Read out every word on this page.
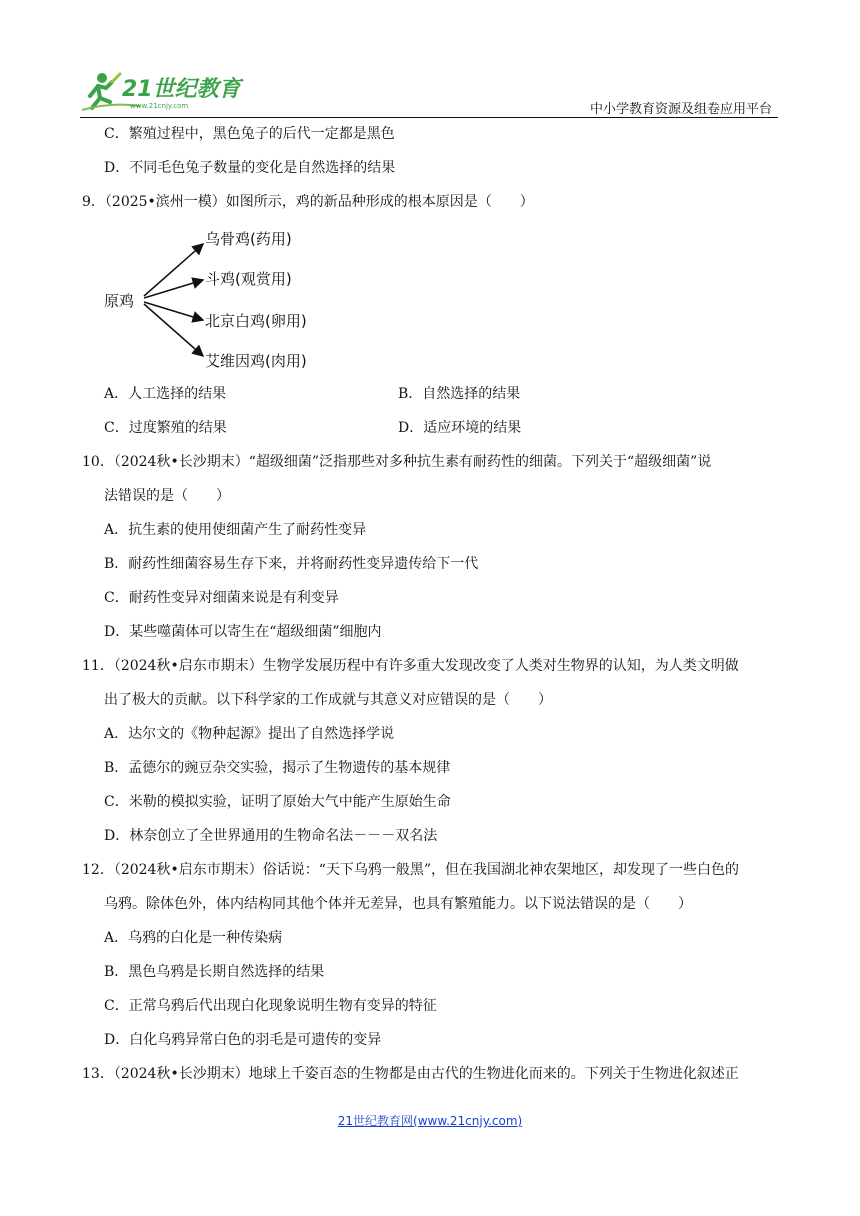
21世纪教育
www.21cnjy.com	中小学教育资源及组卷应用平台
C．繁殖过程中，黑色兔子的后代一定都是黑色
D．不同毛色兔子数量的变化是自然选择的结果
9．（2025•滨州一模）如图所示，鸡的新品种形成的根本原因是（　　）
A．人工选择的结果	B．自然选择的结果
C．过度繁殖的结果	D．适应环境的结果
10．（2024秋•长沙期末）“超级细菌”泛指那些对多种抗生素有耐药性的细菌。下列关于“超级细菌”说
法错误的是（　　）
A．抗生素的使用使细菌产生了耐药性变异
B．耐药性细菌容易生存下来，并将耐药性变异遗传给下一代
C．耐药性变异对细菌来说是有利变异
D．某些噬菌体可以寄生在“超级细菌”细胞内
11．（2024秋•启东市期末）生物学发展历程中有许多重大发现改变了人类对生物界的认知，为人类文明做
出了极大的贡献。以下科学家的工作成就与其意义对应错误的是（　　）
A．达尔文的《物种起源》提出了自然选择学说
B．孟德尔的豌豆杂交实验，揭示了生物遗传的基本规律
C．米勒的模拟实验，证明了原始大气中能产生原始生命
D．林奈创立了全世界通用的生物命名法－－－双名法
12．（2024秋•启东市期末）俗话说：“天下乌鸦一般黑”，但在我国湖北神农架地区，却发现了一些白色的
乌鸦。除体色外，体内结构同其他个体并无差异，也具有繁殖能力。以下说法错误的是（　　）
A．乌鸦的白化是一种传染病
B．黑色乌鸦是长期自然选择的结果
C．正常乌鸦后代出现白化现象说明生物有变异的特征
D．白化乌鸦异常白色的羽毛是可遗传的变异
13．（2024秋•长沙期末）地球上千姿百态的生物都是由古代的生物进化而来的。下列关于生物进化叙述正
原鸡
乌骨鸡(药用)
斗鸡(观赏用)
北京白鸡(卵用)
艾维因鸡(肉用)
21世纪教育网(www.21cnjy.com)
